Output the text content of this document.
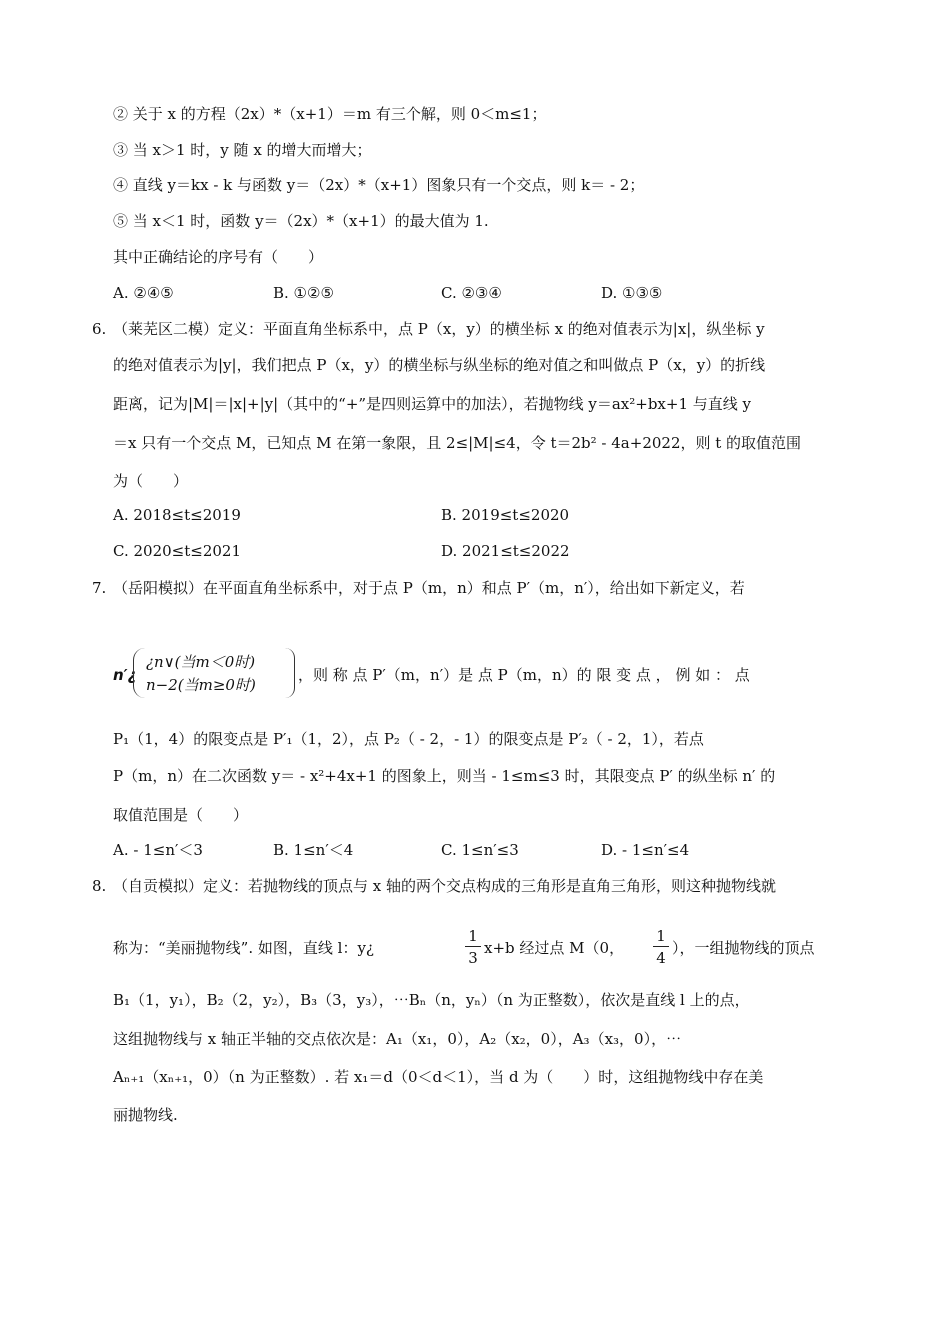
② 关于 x 的方程（2x）*（x+1）＝m 有三个解，则 0＜m≤1；
③ 当 x＞1 时，y 随 x 的增大而增大；
④ 直线 y＝kx - k 与函数 y＝（2x）*（x+1）图象只有一个交点，则 k＝ - 2；
⑤ 当 x＜1 时，函数 y＝（2x）*（x+1）的最大值为 1.
其中正确结论的序号有（　　）
A. ②④⑤	B. ①②⑤	C. ②③④	D. ①③⑤
6. （莱芜区二模）定义：平面直角坐标系中，点 P（x，y）的横坐标 x 的绝对值表示为|x|，纵坐标 y
的绝对值表示为|y|，我们把点 P（x，y）的横坐标与纵坐标的绝对值之和叫做点 P（x，y）的折线
距离，记为|M|＝|x|+|y|（其中的“+”是四则运算中的加法），若抛物线 y＝ax²+bx+1 与直线 y
＝x 只有一个交点 M，已知点 M 在第一象限，且 2≤|M|≤4，令 t＝2b² - 4a+2022，则 t 的取值范围
为（　　）
A. 2018≤t≤2019	B. 2019≤t≤2020
C. 2020≤t≤2021	D. 2021≤t≤2022
7. （岳阳模拟）在平面直角坐标系中，对于点 P（m，n）和点 P′（m，n′），给出如下新定义，若
n′¿
¿n∨(当m＜0时)
n−2(当m≥0时)
，则 称 点 P′（m，n′）是 点 P（m，n）的 限 变 点 ， 例 如 ： 点
P₁（1，4）的限变点是 P′₁（1，2），点 P₂（ - 2，- 1）的限变点是 P′₂（ - 2，1），若点
P（m，n）在二次函数 y＝ - x²+4x+1 的图象上，则当 - 1≤m≤3 时，其限变点 P′ 的纵坐标 n′ 的
取值范围是（　　）
A. - 1≤n′＜3	B. 1≤n′＜4	C. 1≤n′≤3	D. - 1≤n′≤4
8. （自贡模拟）定义：若抛物线的顶点与 x 轴的两个交点构成的三角形是直角三角形，则这种抛物线就
称为：“美丽抛物线”. 如图，直线 l：y¿
1
3
x+b 经过点 M（0，
1
4
），一组抛物线的顶点
B₁（1，y₁），B₂（2，y₂），B₃（3，y₃），⋯Bₙ（n，yₙ）（n 为正整数），依次是直线 l 上的点，
这组抛物线与 x 轴正半轴的交点依次是：A₁（x₁，0），A₂（x₂，0），A₃（x₃，0），⋯
Aₙ₊₁（xₙ₊₁，0）（n 为正整数）. 若 x₁＝d（0＜d＜1），当 d 为（　　）时，这组抛物线中存在美
丽抛物线.
